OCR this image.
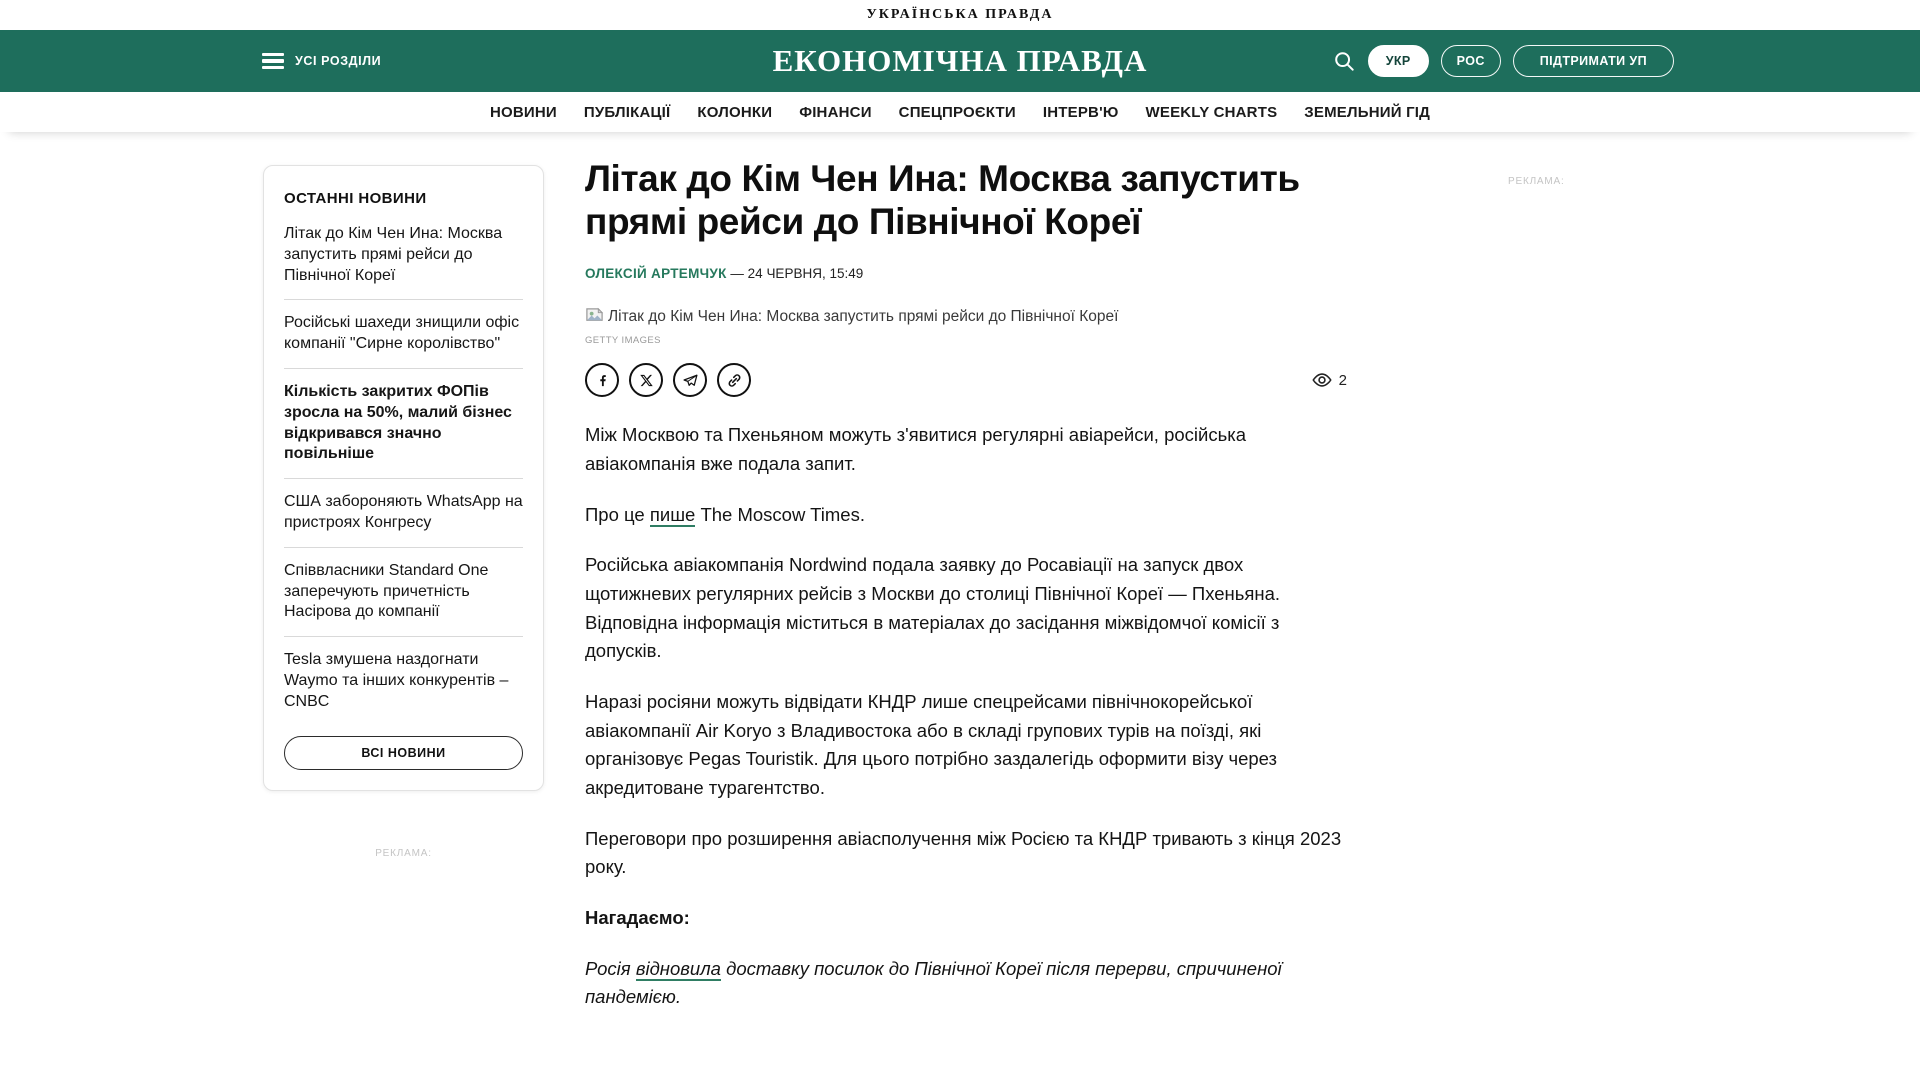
УКРАЇНСЬКА ПРАВДА
УСІ РОЗДІЛИ	ЕКОНОМІЧНА ПРАВДА	УКР	РОС	ПІДТРИМАТИ УП
НОВИНИ ПУБЛІКАЦІЇ КОЛОНКИ ФІНАНСИ СПЕЦПРОЄКТИ ІНТЕРВ'Ю WEEKLY CHARTS ЗЕМЕЛЬНИЙ ГІД
ОСТАННІ НОВИНИ
Літак до Кім Чен Ина: Москва запустить прямі рейси до Північної Кореї
Російські шахеди знищили офіс компанії "Сирне королівство"
Кількість закритих ФОПів зросла на 50%, малий бізнес відкривався значно повільніше
США забороняють WhatsApp на пристроях Конгресу
Співвласники Standard One заперечують причетність Насірова до компанії
Tesla змушена наздогнати Waymo та інших конкурентів – CNBC
ВСІ НОВИНИ
РЕКЛАМА:
РЕКЛАМА:
Літак до Кім Чен Ина: Москва запустить прямі рейси до Північної Кореї
ОЛЕКСІЙ АРТЕМЧУК — 24 ЧЕРВНЯ, 15:49
Літак до Кім Чен Ина: Москва запустить прямі рейси до Північної Кореї
GETTY IMAGES
2

Між Москвою та Пхеньяном можуть з'явитися регулярні авіарейси, російська авіакомпанія вже подала запит.

Про це пише The Moscow Times.

Російська авіакомпанія Nordwind подала заявку до Росавіації на запуск двох щотижневих регулярних рейсів з Москви до столиці Північної Кореї — Пхеньяна. Відповідна інформація міститься в матеріалах до засідання міжвідомчої комісії з допусків.

Наразі росіяни можуть відвідати КНДР лише спецрейсами північнокорейської авіакомпанії Air Koryo з Владивостока або в складі групових турів на поїзді, які організовує Pegas Touristik. Для цього потрібно заздалегідь оформити візу через акредитоване турагентство.

Переговори про розширення авіасполучення між Росією та КНДР тривають з кінця 2023 року.

Нагадаємо:

Росія відновила доставку посилок до Північної Кореї після перерви, спричиненої пандемією.
